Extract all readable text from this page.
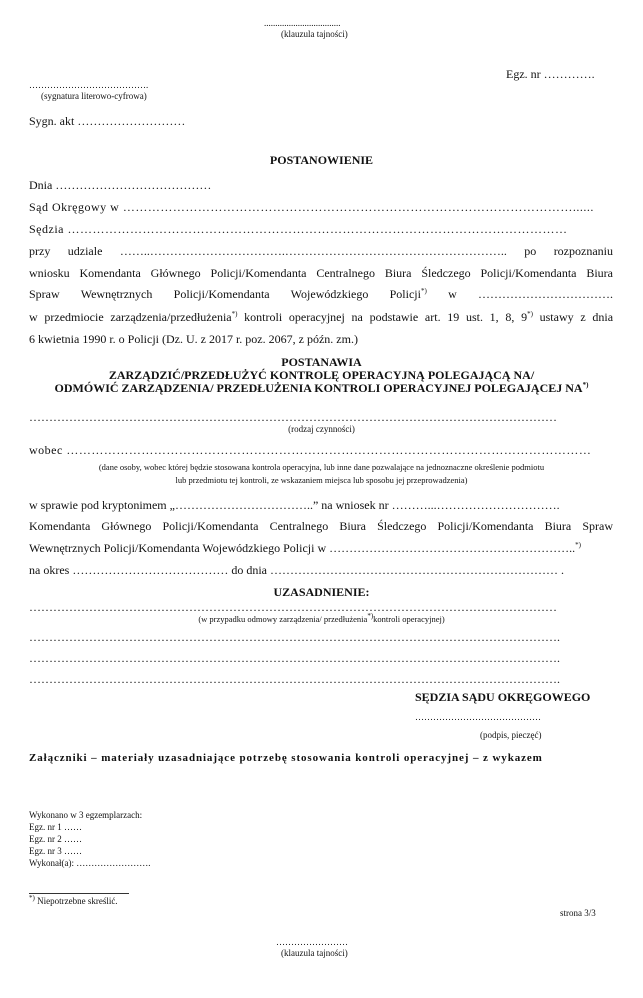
..................................
(klauzula tajności)
Egz. nr ………….
………………………………….
(sygnatura literowo-cyfrowa)
Sygn. akt ………………………
POSTANOWIENIE
Dnia …………………………………
Sąd Okręgowy w ………………………………………………………………………………………………......
Sędzia …………………………………………………………………………………………………………
przy udziale ……..…………………………….……………………………………………….. po rozpoznaniu
wniosku Komendanta Głównego Policji/Komendanta Centralnego Biura Śledczego Policji/Komendanta Biura
Spraw Wewnętrznych Policji/Komendanta Wojewódzkiego Policji*) w …………………………….
w przedmiocie zarządzenia/przedłużenia*) kontroli operacyjnej na podstawie art. 19 ust. 1, 8, 9*) ustawy z dnia
6 kwietnia 1990 r. o Policji (Dz. U. z 2017 r. poz. 2067, z późn. zm.)
POSTANAWIA
ZARZĄDZIĆ/PRZEDŁUŻYĆ KONTROLĘ OPERACYJNĄ POLEGAJĄCĄ NA/
ODMÓWIĆ ZARZĄDZENIA/ PRZEDŁUŻENIA KONTROLI OPERACYJNEJ POLEGAJĄCEJ NA*)
……………………………………………………………………………………………………………………
(rodzaj czynności)
wobec ………………………………………………………………………………………………………………
(dane osoby, wobec której będzie stosowana kontrola operacyjna, lub inne dane pozwalające na jednoznaczne określenie podmiotu
lub przedmiotu tej kontroli, ze wskazaniem miejsca lub sposobu jej przeprowadzenia)
w sprawie pod kryptonimem „……………………………..” na wniosek nr ………...………………………….
Komendanta Głównego Policji/Komendanta Centralnego Biura Śledczego Policji/Komendanta Biura Spraw
Wewnętrznych Policji/Komendanta Wojewódzkiego Policji w ……………………………………………………..*)
na okres ………………………………… do dnia ……………………………………………………………… .
UZASADNIENIE:
……………………………………………………………………………………………………………………
(w przypadku odmowy zarządzenia/ przedłużenia*)kontroli operacyjnej)
…………………………………………………………………………………………………………………….
…………………………………………………………………………………………………………………….
…………………………………………………………………………………………………………………….
SĘDZIA SĄDU OKRĘGOWEGO
……………………………………
(podpis, pieczęć)
Załączniki – materiały uzasadniające potrzebę stosowania kontroli operacyjnej – z wykazem
Wykonano w 3 egzemplarzach:
Egz. nr 1 ……
Egz. nr 2 ……
Egz. nr 3 ……
Wykonał(a): …………………….
*) Niepotrzebne skreślić.
strona 3/3
……………………
(klauzula tajności)
